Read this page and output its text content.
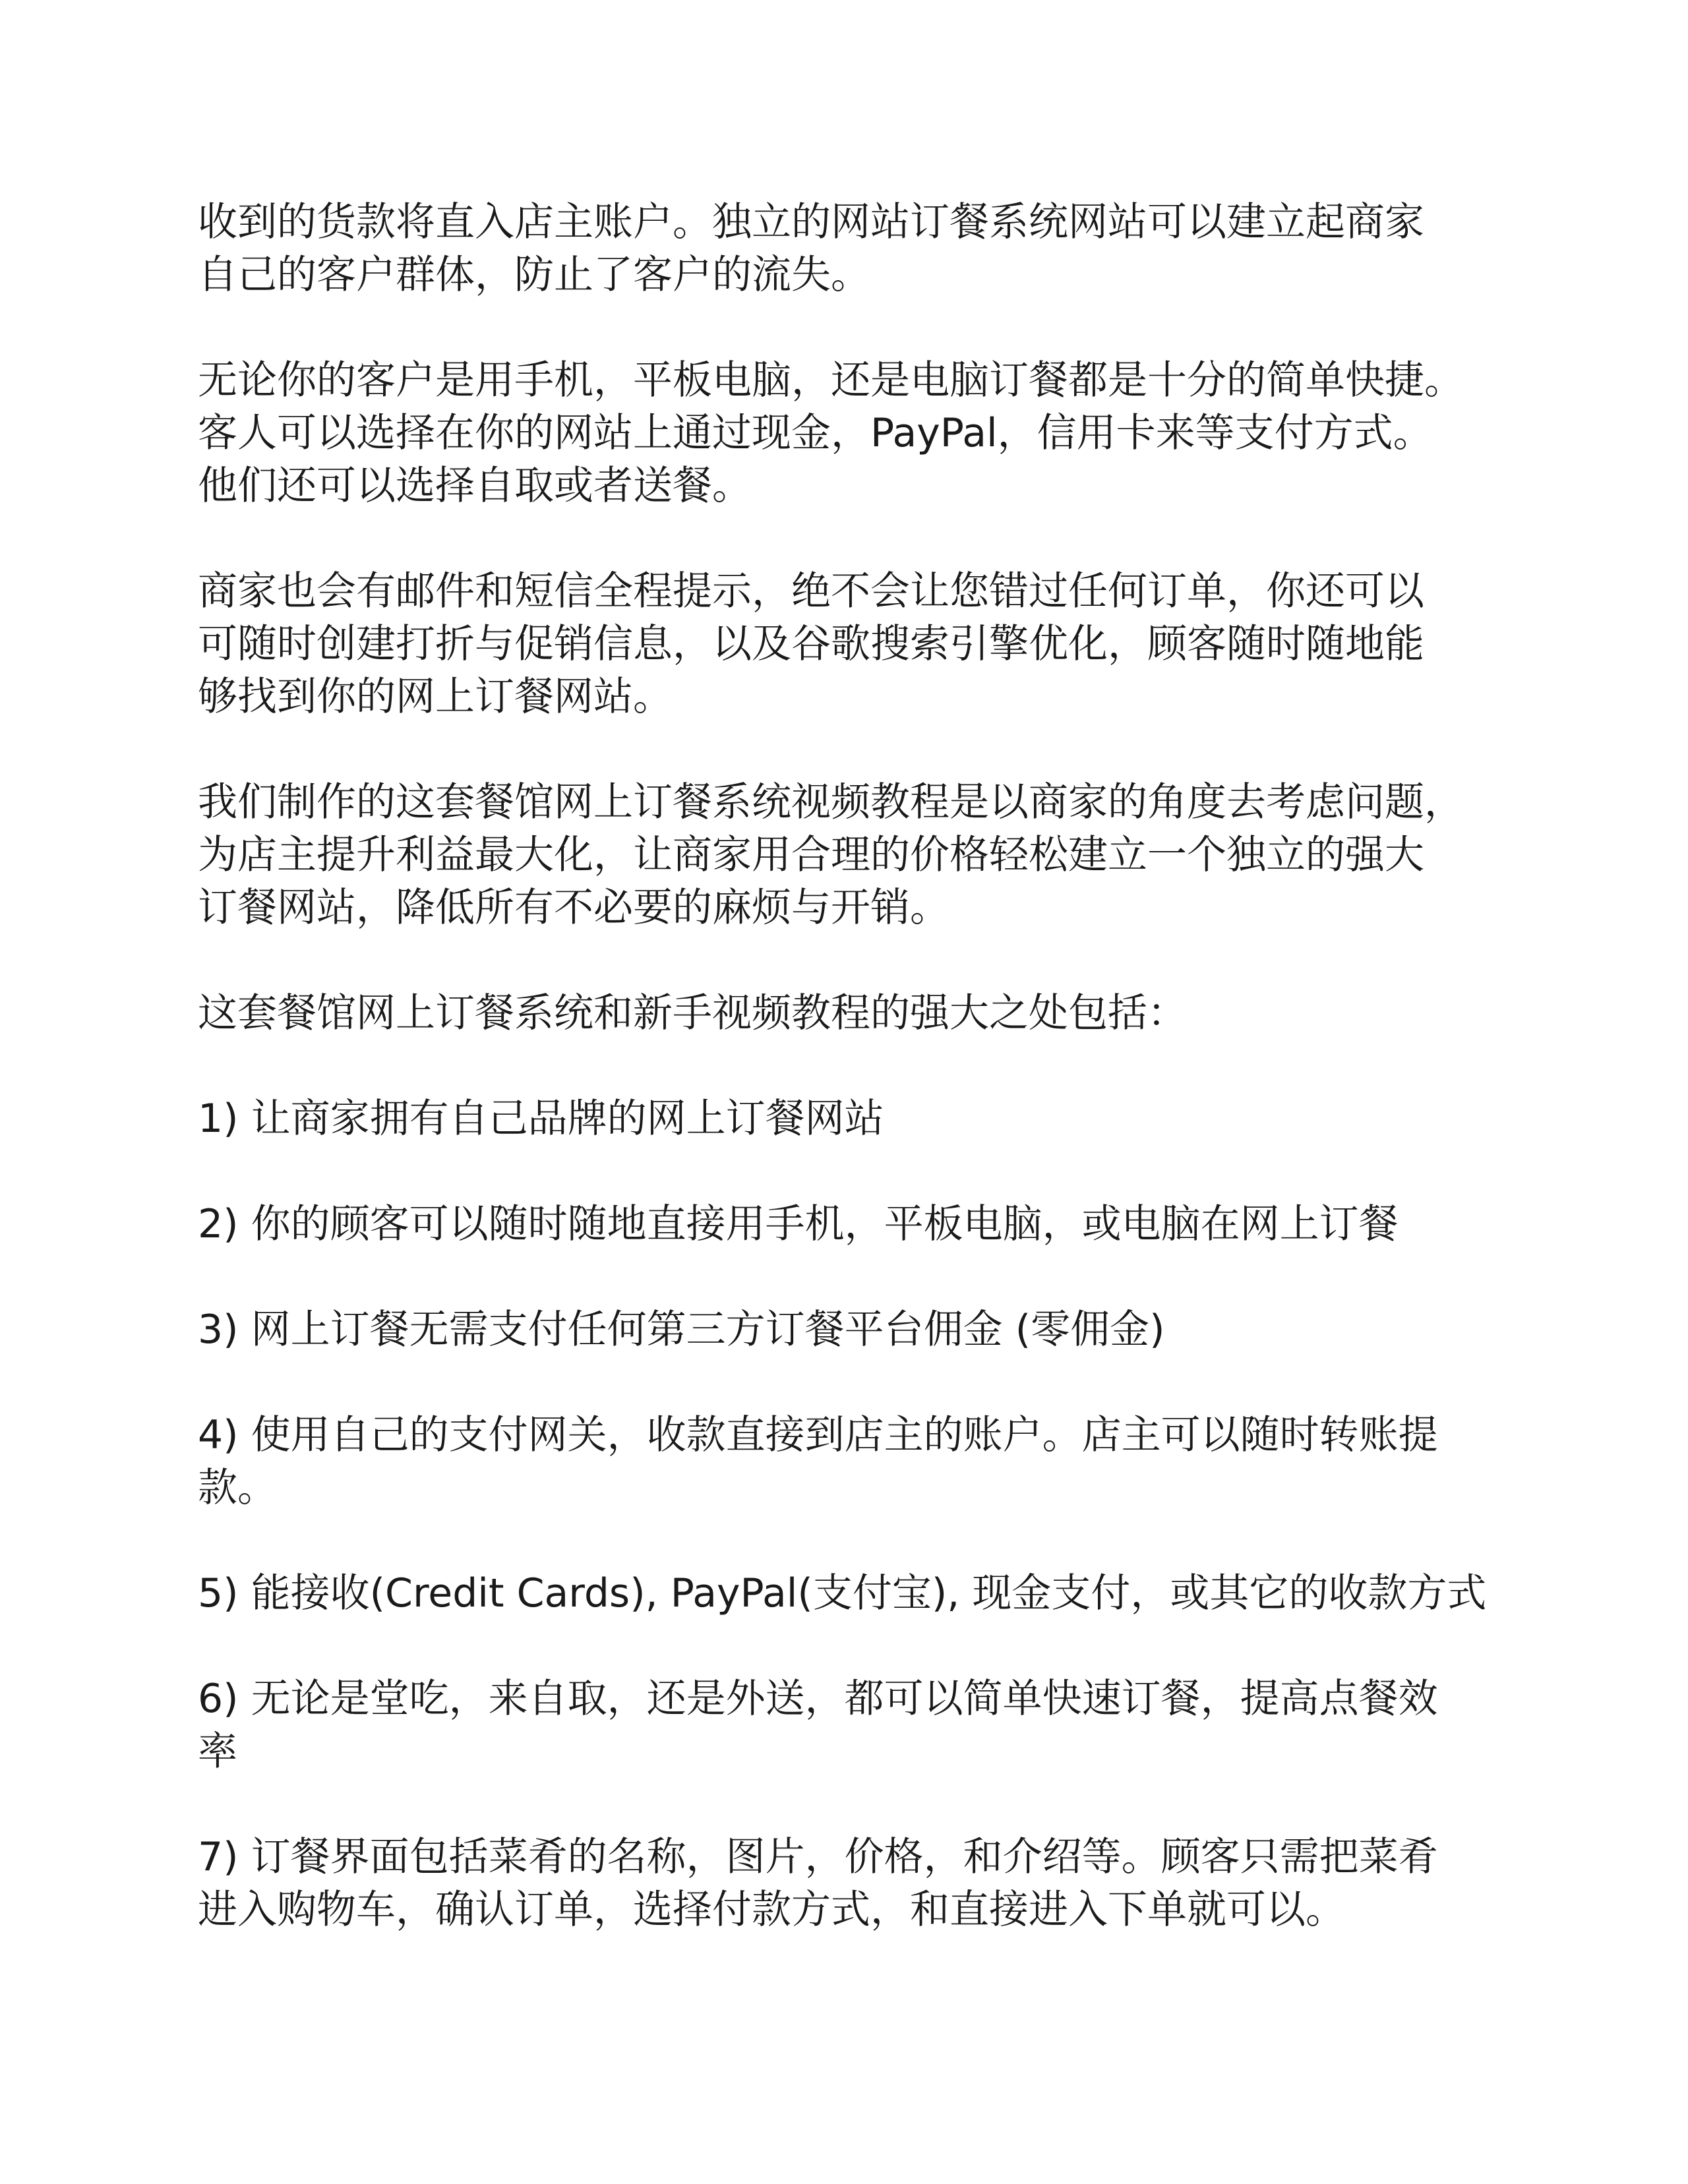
收到的货款将直入店主账户。独立的网站订餐系统网站可以建立起商家
自己的客户群体，防止了客户的流失。
无论你的客户是用手机，平板电脑，还是电脑订餐都是十分的简单快捷。
客人可以选择在你的网站上通过现金，PayPal，信用卡来等支付方式。
他们还可以选择自取或者送餐。
商家也会有邮件和短信全程提示，绝不会让您错过任何订单，你还可以
可随时创建打折与促销信息，以及谷歌搜索引擎优化，顾客随时随地能
够找到你的网上订餐网站。
我们制作的这套餐馆网上订餐系统视频教程是以商家的角度去考虑问题，
为店主提升利益最大化，让商家用合理的价格轻松建立一个独立的强大
订餐网站，降低所有不必要的麻烦与开销。
这套餐馆网上订餐系统和新手视频教程的强大之处包括：
1) 让商家拥有自己品牌的网上订餐网站
2) 你的顾客可以随时随地直接用手机，平板电脑，或电脑在网上订餐
3) 网上订餐无需支付任何第三方订餐平台佣金 (零佣金)
4) 使用自己的支付网关，收款直接到店主的账户。店主可以随时转账提
款。
5) 能接收(Credit Cards), PayPal(支付宝), 现金支付，或其它的收款方式
6) 无论是堂吃，来自取，还是外送，都可以简单快速订餐，提高点餐效
率
7) 订餐界面包括菜肴的名称，图片，价格，和介绍等。顾客只需把菜肴
进入购物车，确认订单，选择付款方式，和直接进入下单就可以。
